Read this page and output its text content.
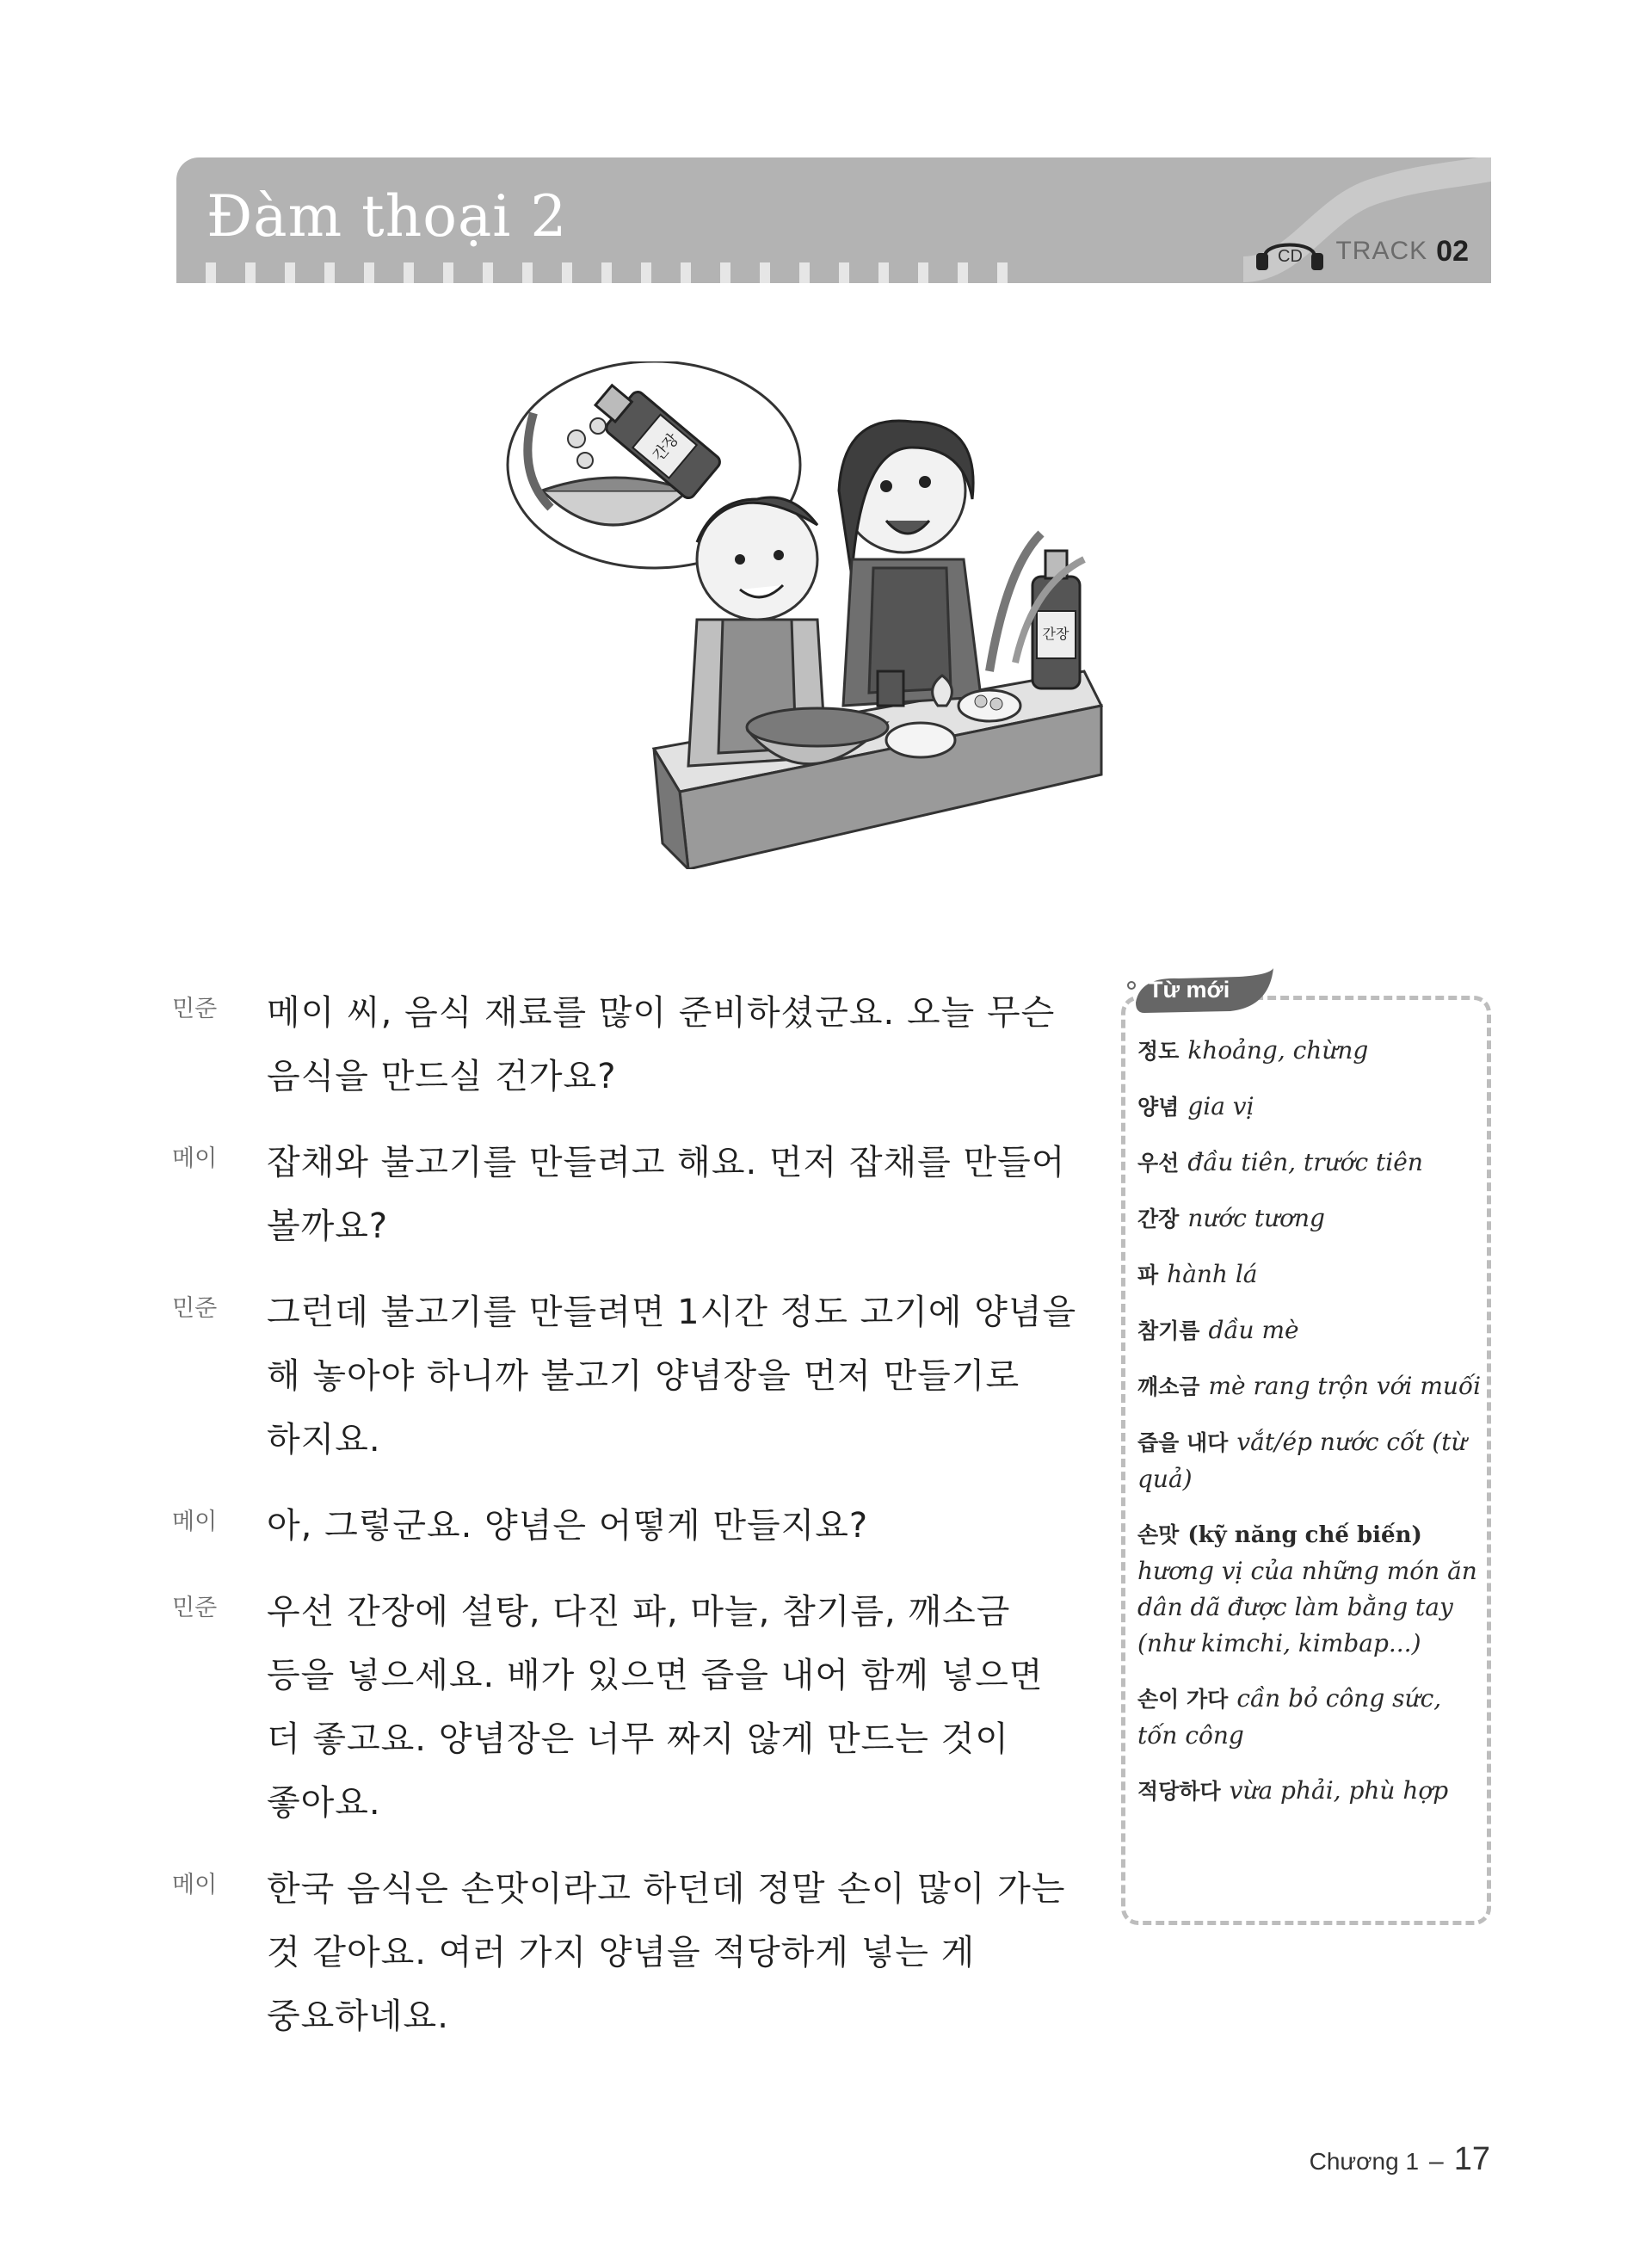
Đàm thoại 2
CD TRACK 02
간장
간장
민준	메이 씨, 음식 재료를 많이 준비하셨군요. 오늘 무슨 음식을 만드실 건가요?
메이	잡채와 불고기를 만들려고 해요. 먼저 잡채를 만들어 볼까요?
민준	그런데 불고기를 만들려면 1시간 정도 고기에 양념을 해 놓아야 하니까 불고기 양념장을 먼저 만들기로 하지요.
메이	아, 그렇군요. 양념은 어떻게 만들지요?
민준	우선 간장에 설탕, 다진 파, 마늘, 참기름, 깨소금 등을 넣으세요. 배가 있으면 즙을 내어 함께 넣으면 더 좋고요. 양념장은 너무 짜지 않게 만드는 것이 좋아요.
메이	한국 음식은 손맛이라고 하던데 정말 손이 많이 가는 것 같아요. 여러 가지 양념을 적당하게 넣는 게 중요하네요.
Từ mới
정도 khoảng, chừng
양념 gia vị
우선 đầu tiên, trước tiên
간장 nước tương
파 hành lá
참기름 dầu mè
깨소금 mè rang trộn với muối
즙을 내다 vắt/ép nước cốt (từ quả)
손맛 (kỹ năng chế biến)
hương vị của những món ăn dân dã được làm bằng tay (như kimchi, kimbap...)
손이 가다 cần bỏ công sức, tốn công
적당하다 vừa phải, phù hợp
Chương 1 – 17
